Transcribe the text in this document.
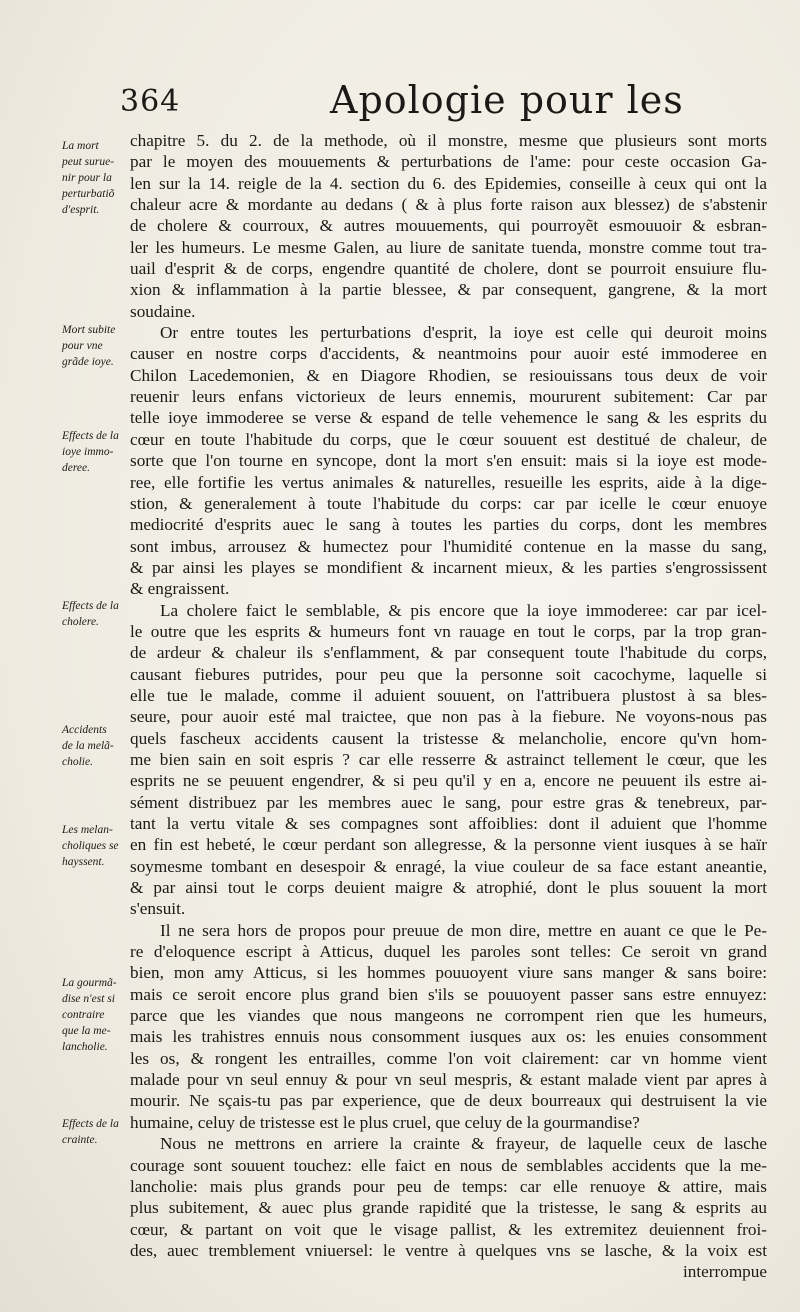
364	Apologie pour les
La mort
peut suruе-
nir pour la
perturbatiõ
d'esprit.
Mort subite
pour vne
grãde ioye.
Effects de la
ioye immo-
deree.
Effects de la
cholere.
Accidents
de la melã-
cholie.
Les melan-
choliques se
hayssent.
La gourmã-
dise n'est si
contraire
que la me-
lancholie.
Effects de la
crainte.
chapitre 5. du 2. de la methode, où il monstre, mesme que plusieurs sont morts
par le moyen des mouuements & perturbations de l'ame: pour ceste occasion Ga-
len sur la 14. reigle de la 4. section du 6. des Epidemies, conseille à ceux qui ont la
chaleur acre & mordante au dedans ( & à plus forte raison aux blessez) de s'abstenir
de cholere & courroux, & autres mouuements, qui pourroyẽt esmouuoir & esbran-
ler les humeurs. Le mesme Galen, au liure de sanitate tuenda, monstre comme tout tra-
uail d'esprit & de corps, engendre quantité de cholere, dont se pourroit ensuiure flu-
xion & inflammation à la partie blessee, & par consequent, gangrene, & la mort
soudaine.
Or entre toutes les perturbations d'esprit, la ioye est celle qui deuroit moins
causer en nostre corps d'accidents, & neantmoins pour auoir esté immoderee en
Chilon Lacedemonien, & en Diagore Rhodien, se resiouissans tous deux de voir
reuenir leurs enfans victorieux de leurs ennemis, moururent subitement: Car par
telle ioye immoderee se verse & espand de telle vehemence le sang & les esprits du
cœur en toute l'habitude du corps, que le cœur souuent est destitué de chaleur, de
sorte que l'on tourne en syncope, dont la mort s'en ensuit: mais si la ioye est mode-
ree, elle fortifie les vertus animales & naturelles, resueille les esprits, aide à la dige-
stion, & generalement à toute l'habitude du corps: car par icelle le cœur enuoye
mediocrité d'esprits auec le sang à toutes les parties du corps, dont les membres
sont imbus, arrousez & humectez pour l'humidité contenue en la masse du sang,
& par ainsi les playes se mondifient & incarnent mieux, & les parties s'engrossissent
& engraissent.
La cholere faict le semblable, & pis encore que la ioye immoderee: car par icel-
le outre que les esprits & humeurs font vn rauage en tout le corps, par la trop gran-
de ardeur & chaleur ils s'enflamment, & par consequent toute l'habitude du corps,
causant fiebures putrides, pour peu que la personne soit cacochyme, laquelle si
elle tue le malade, comme il aduient souuent, on l'attribuera plustost à sa bles-
seure, pour auoir esté mal traictee, que non pas à la fiebure. Ne voyons-nous pas
quels fascheux accidents causent la tristesse & melancholie, encore qu'vn hom-
me bien sain en soit espris ? car elle resserre & astrainct tellement le cœur, que les
esprits ne se peuuent engendrer, & si peu qu'il y en a, encore ne peuuent ils estre ai-
sément distribuez par les membres auec le sang, pour estre gras & tenebreux, par-
tant la vertu vitale & ses compagnes sont affoiblies: dont il aduient que l'homme
en fin est hebeté, le cœur perdant son allegresse, & la personne vient iusques à se haïr
soymesme tombant en desespoir & enragé, la viue couleur de sa face estant aneantie,
& par ainsi tout le corps deuient maigre & atrophié, dont le plus souuent la mort
s'ensuit.
Il ne sera hors de propos pour preuue de mon dire, mettre en auant ce que le Pe-
re d'eloquence escript à Atticus, duquel les paroles sont telles: Ce seroit vn grand
bien, mon amy Atticus, si les hommes pouuoyent viure sans manger & sans boire:
mais ce seroit encore plus grand bien s'ils se pouuoyent passer sans estre ennuyez:
parce que les viandes que nous mangeons ne corrompent rien que les humeurs,
mais les trahistres ennuis nous consomment iusques aux os: les enuies consomment
les os, & rongent les entrailles, comme l'on voit clairement: car vn homme vient
malade pour vn seul ennuy & pour vn seul mespris, & estant malade vient par apres à
mourir. Ne sçais-tu pas par experience, que de deux bourreaux qui destruisent la vie
humaine, celuy de tristesse est le plus cruel, que celuy de la gourmandise?
Nous ne mettrons en arriere la crainte & frayeur, de laquelle ceux de lasche
courage sont souuent touchez: elle faict en nous de semblables accidents que la me-
lancholie: mais plus grands pour peu de temps: car elle renuoye & attire, mais
plus subitement, & auec plus grande rapidité que la tristesse, le sang & esprits au
cœur, & partant on voit que le visage pallist, & les extremitez deuiennent froi-
des, auec tremblement vniuersel: le ventre à quelques vns se lasche, & la voix est
interrompue
